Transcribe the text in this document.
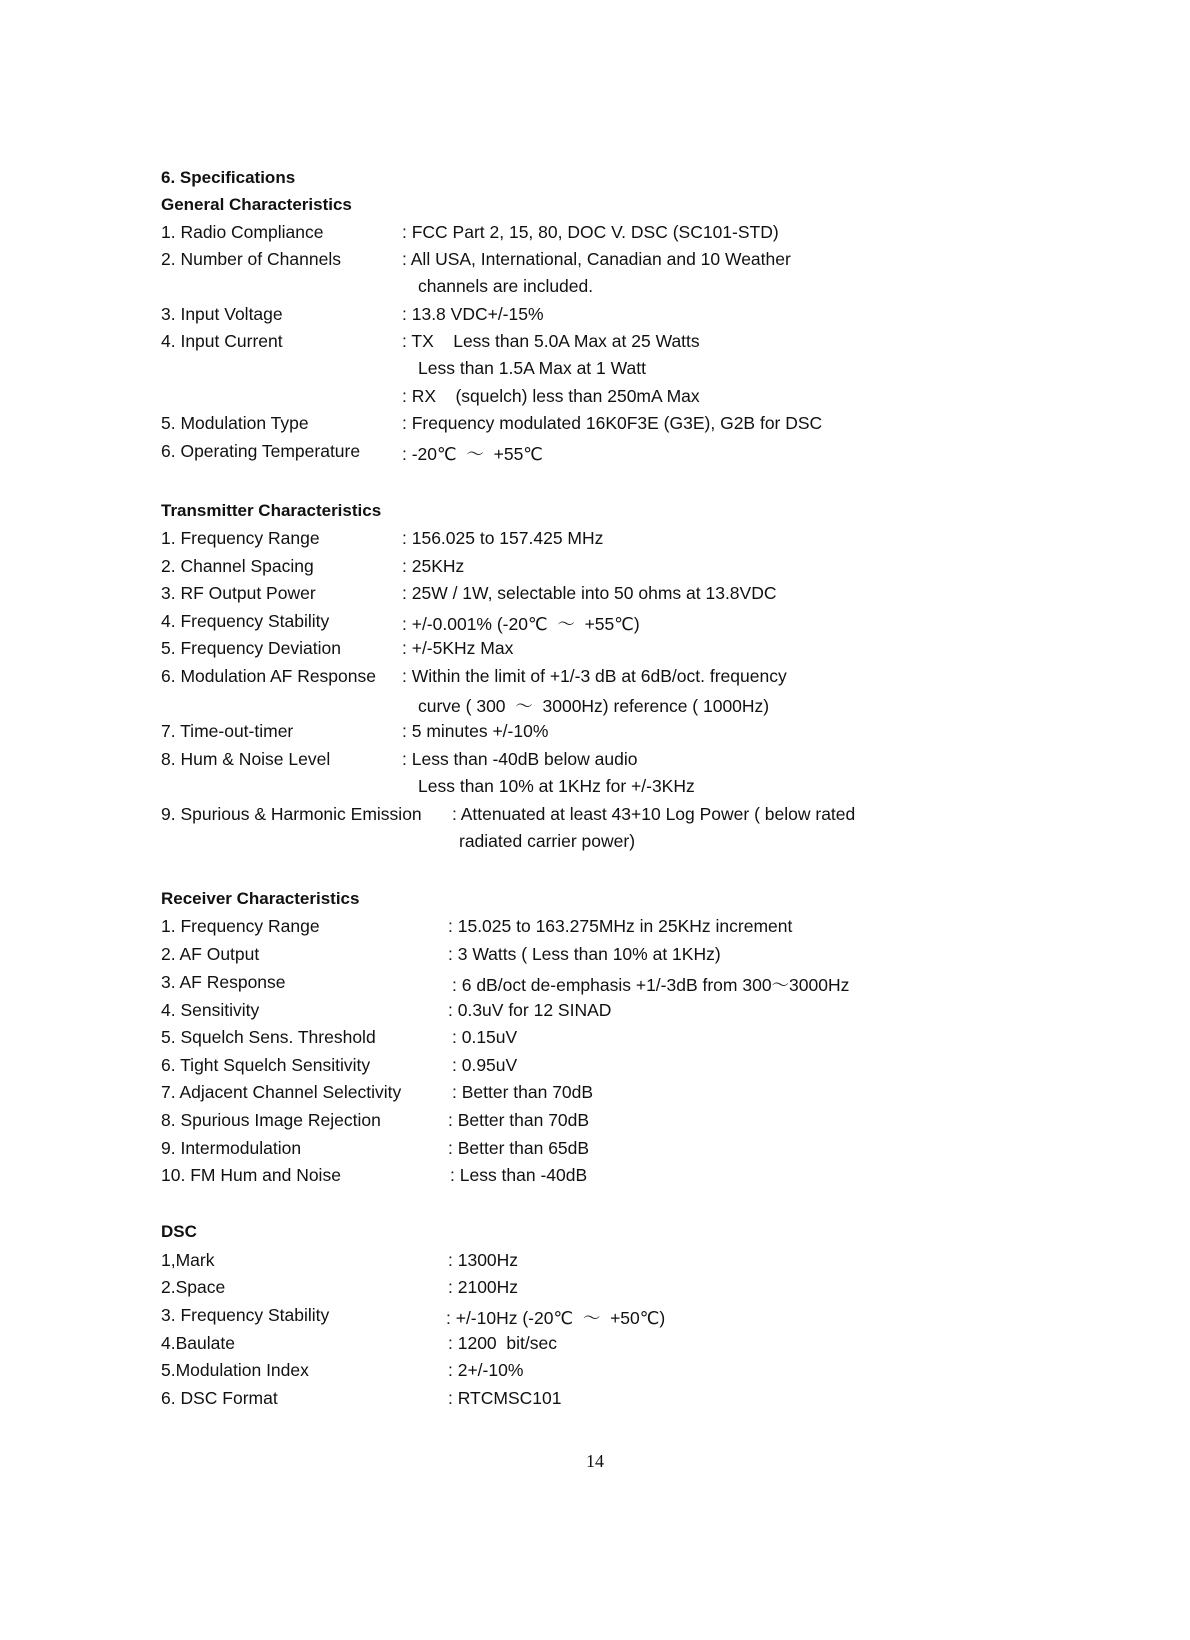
6. Specifications
General Characteristics
1. Radio Compliance	: FCC Part 2, 15, 80, DOC V. DSC (SC101-STD)
2. Number of Channels	: All USA, International, Canadian and 10 Weather
channels are included.
3. Input Voltage	: 13.8 VDC+/-15%
4. Input Current	: TX    Less than 5.0A Max at 25 Watts
Less than 1.5A Max at 1 Watt
: RX    (squelch) less than 250mA Max
5. Modulation Type	: Frequency modulated 16K0F3E (G3E), G2B for DSC
6. Operating Temperature : -20℃  ～  +55℃
Transmitter Characteristics
1. Frequency Range	: 156.025 to 157.425 MHz
2. Channel Spacing	: 25KHz
3. RF Output Power	: 25W / 1W, selectable into 50 ohms at 13.8VDC
4. Frequency Stability	: +/-0.001% (-20℃  ～  +55℃)
5. Frequency Deviation	: +/-5KHz Max
6. Modulation AF Response : Within the limit of +1/-3 dB at 6dB/oct. frequency
curve ( 300  ～  3000Hz) reference ( 1000Hz)
7. Time-out-timer	: 5 minutes +/-10%
8. Hum & Noise Level	: Less than -40dB below audio
Less than 10% at 1KHz for +/-3KHz
9. Spurious & Harmonic Emission : Attenuated at least 43+10 Log Power ( below rated
radiated carrier power)
Receiver Characteristics
1. Frequency Range	: 15.025 to 163.275MHz in 25KHz increment
2. AF Output	: 3 Watts ( Less than 10% at 1KHz)
3. AF Response	: 6 dB/oct de-emphasis +1/-3dB from 300～3000Hz
4. Sensitivity	: 0.3uV for 12 SINAD
5. Squelch Sens. Threshold	: 0.15uV
6. Tight Squelch Sensitivity	: 0.95uV
7. Adjacent Channel Selectivity	: Better than 70dB
8. Spurious Image Rejection	: Better than 70dB
9. Intermodulation	: Better than 65dB
10. FM Hum and Noise	: Less than -40dB
DSC
1,Mark	: 1300Hz
2.Space	: 2100Hz
3. Frequency Stability	: +/-10Hz (-20℃  ～  +50℃)
4.Baulate	: 1200  bit/sec
5.Modulation Index	: 2+/-10%
6. DSC Format	: RTCMSC101
14
